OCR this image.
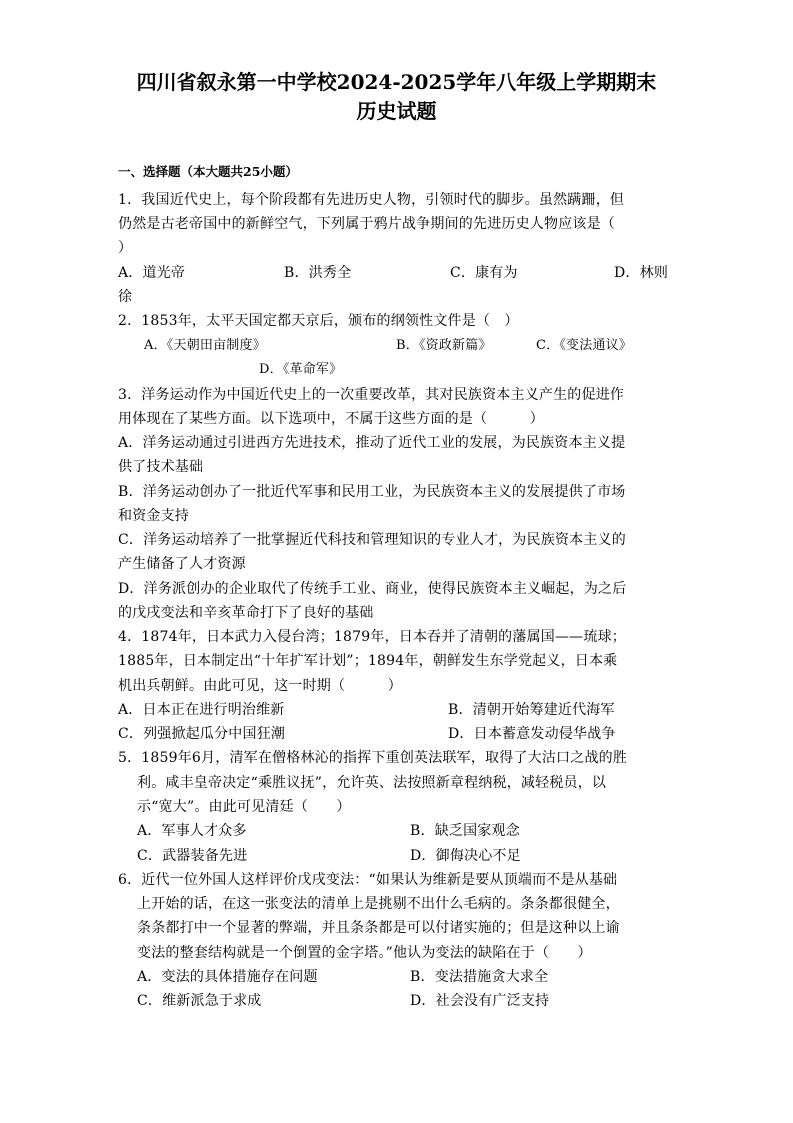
四川省叙永第一中学校2024-2025学年八年级上学期期末
历史试题
一、选择题（本大题共25小题）
1．我国近代史上，每个阶段都有先进历史人物，引领时代的脚步。虽然蹒跚，但
仍然是古老帝国中的新鲜空气，下列属于鸦片战争期间的先进历史人物应该是（
）
A．道光帝	B．洪秀全	C．康有为	D．林则
徐
2．1853年，太平天国定都天京后，颁布的纲领性文件是（　）
A．《天朝田亩制度》	B．《资政新篇》	C．《变法通议》
D．《革命军》
3．洋务运动作为中国近代史上的一次重要改革，其对民族资本主义产生的促进作
用体现在了某些方面。以下选项中，不属于这些方面的是（　　　）
A．洋务运动通过引进西方先进技术，推动了近代工业的发展，为民族资本主义提
供了技术基础
B．洋务运动创办了一批近代军事和民用工业，为民族资本主义的发展提供了市场
和资金支持
C．洋务运动培养了一批掌握近代科技和管理知识的专业人才，为民族资本主义的
产生储备了人才资源
D．洋务派创办的企业取代了传统手工业、商业，使得民族资本主义崛起，为之后
的戊戌变法和辛亥革命打下了良好的基础
4．1874年，日本武力入侵台湾；1879年，日本吞并了清朝的藩属国——琉球；
1885年，日本制定出“十年扩军计划”；1894年，朝鲜发生东学党起义，日本乘
机出兵朝鲜。由此可见，这一时期（　　　）
A．日本正在进行明治维新	B．清朝开始筹建近代海军
C．列强掀起瓜分中国狂潮	D．日本蓄意发动侵华战争
5．1859年6月，清军在僧格林沁的指挥下重创英法联军，取得了大沽口之战的胜
利。咸丰皇帝决定“乘胜议抚”，允许英、法按照新章程纳税，减轻税员，以
示“宽大”。由此可见清廷（　　）
A．军事人才众多	B．缺乏国家观念
C．武器装备先进	D．御侮决心不足
6．近代一位外国人这样评价戊戌变法：“如果认为维新是要从顶端而不是从基础
上开始的话，在这一张变法的清单上是挑剔不出什么毛病的。条条都很健全，
条条都打中一个显著的弊端，并且条条都是可以付诸实施的；但是这种以上谕
变法的整套结构就是一个倒置的金字塔。”他认为变法的缺陷在于（　　）
A．变法的具体措施存在问题	B．变法措施贪大求全
C．维新派急于求成	D．社会没有广泛支持
